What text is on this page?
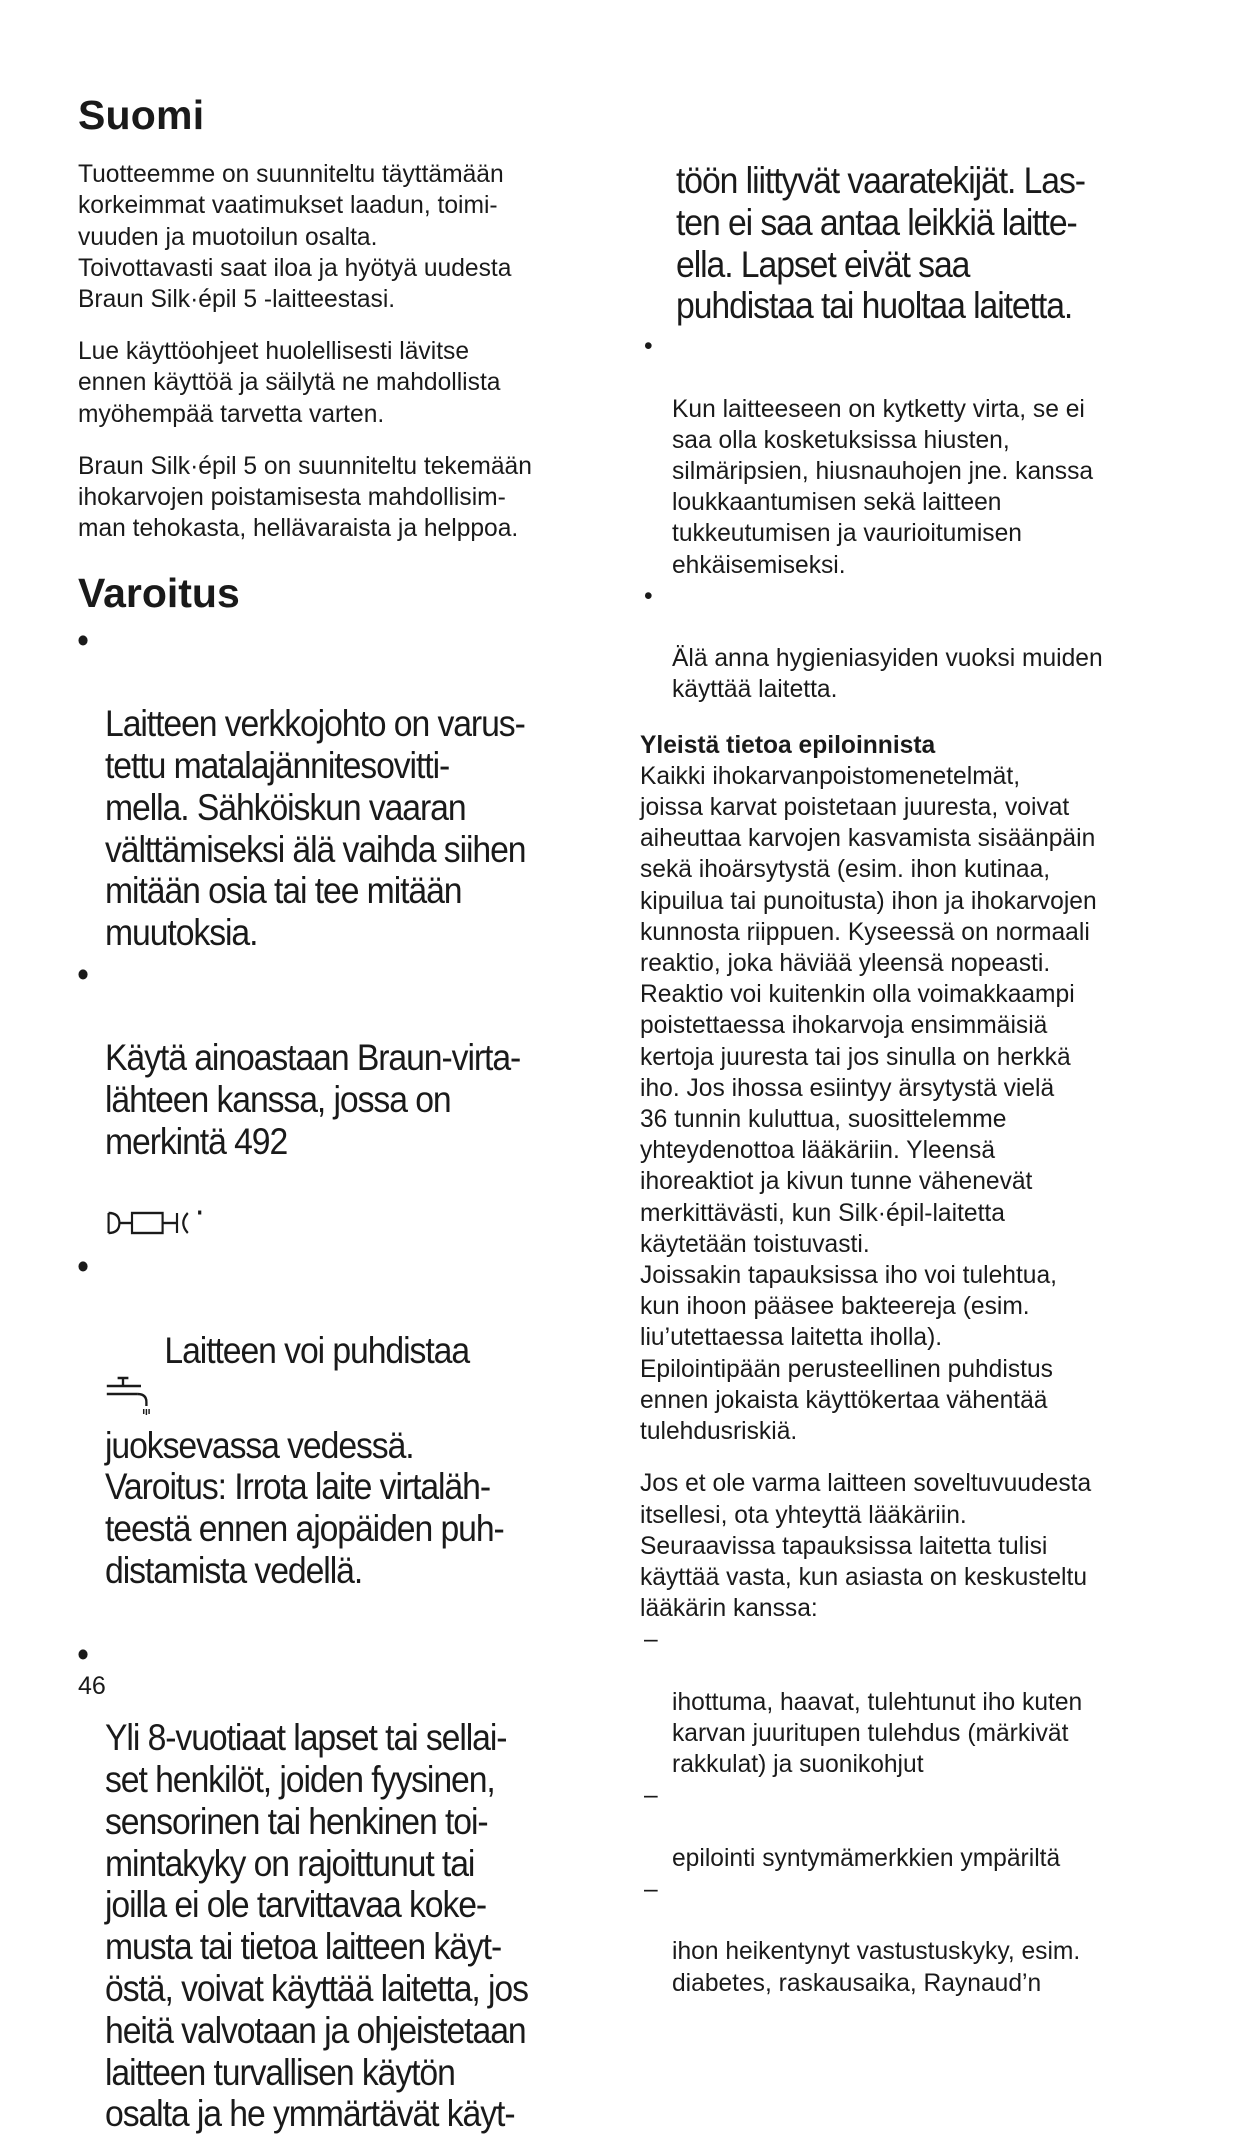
Suomi

Tuotteemme on suunniteltu täyttämään
korkeimmat vaatimukset laadun, toimi-
vuuden ja muotoilun osalta.
Toivottavasti saat iloa ja hyötyä uudesta
Braun Silk·épil 5 -laitteestasi.

Lue käyttöohjeet huolellisesti lävitse
ennen käyttöä ja säilytä ne mahdollista
myöhempää tarvetta varten.

Braun Silk·épil 5 on suunniteltu tekemään
ihokarvojen poistamisesta mahdollisim-
man tehokasta, hellävaraista ja helppoa.

Varoitus

•

Laitteen verkkojohto on varus-
tettu matalajännitesovitti-
mella. Sähköiskun vaaran
välttämiseksi älä vaihda siihen
mitään osia tai tee mitään
muutoksia.

•

Käytä ainoastaan Braun-virta-
lähteen kanssa, jossa on
merkintä 492

.

•

Laitteen voi puhdistaa
juoksevassa vedessä.

Varoitus: Irrota laite virtaläh-
teestä ennen ajopäiden puh-
distamista vedellä.

•

Yli 8-vuotiaat lapset tai sellai-
set henkilöt, joiden fyysinen,
sensorinen tai henkinen toi-
mintakyky on rajoittunut tai
joilla ei ole tarvittavaa koke-
musta tai tietoa laitteen käyt-
östä, voivat käyttää laitetta, jos
heitä valvotaan ja ohjeistetaan
laitteen turvallisen käytön
osalta ja he ymmärtävät käyt-

töön liittyvät vaaratekijät. Las-
ten ei saa antaa leikkiä laitte-
ella. Lapset eivät saa
puhdistaa tai huoltaa laitetta.

•

Kun laitteeseen on kytketty virta, se ei
saa olla kosketuksissa hiusten,
silmäripsien, hiusnauhojen jne. kanssa
loukkaantumisen sekä laitteen
tukkeutumisen ja vaurioitumisen
ehkäisemiseksi.

•

Älä anna hygieniasyiden vuoksi muiden
käyttää laitetta.

Yleistä tietoa epiloinnista

Kaikki ihokarvanpoistomenetelmät,
joissa karvat poistetaan juuresta, voivat
aiheuttaa karvojen kasvamista sisäänpäin
sekä ihoärsytystä (esim. ihon kutinaa,
kipuilua tai punoitusta) ihon ja ihokarvojen
kunnosta riippuen. Kyseessä on normaali
reaktio, joka häviää yleensä nopeasti.
Reaktio voi kuitenkin olla voimakkaampi
poistettaessa ihokarvoja ensimmäisiä
kertoja juuresta tai jos sinulla on herkkä
iho. Jos ihossa esiintyy ärsytystä vielä
36 tunnin kuluttua, suosittelemme
yhteydenottoa lääkäriin. Yleensä
ihoreaktiot ja kivun tunne vähenevät
merkittävästi, kun Silk·épil-laitetta
käytetään toistuvasti.
Joissakin tapauksissa iho voi tulehtua,
kun ihoon pääsee bakteereja (esim.
liu’utettaessa laitetta iholla).
Epilointipään perusteellinen puhdistus
ennen jokaista käyttökertaa vähentää
tulehdusriskiä.

Jos et ole varma laitteen soveltuvuudesta
itsellesi, ota yhteyttä lääkäriin.
Seuraavissa tapauksissa laitetta tulisi
käyttää vasta, kun asiasta on keskusteltu
lääkärin kanssa:

–

ihottuma, haavat, tulehtunut iho kuten
karvan juuritupen tulehdus (märkivät
rakkulat) ja suonikohjut

–

epilointi syntymämerkkien ympäriltä

–

ihon heikentynyt vastustuskyky, esim.
diabetes, raskausaika, Raynaud’n

46
